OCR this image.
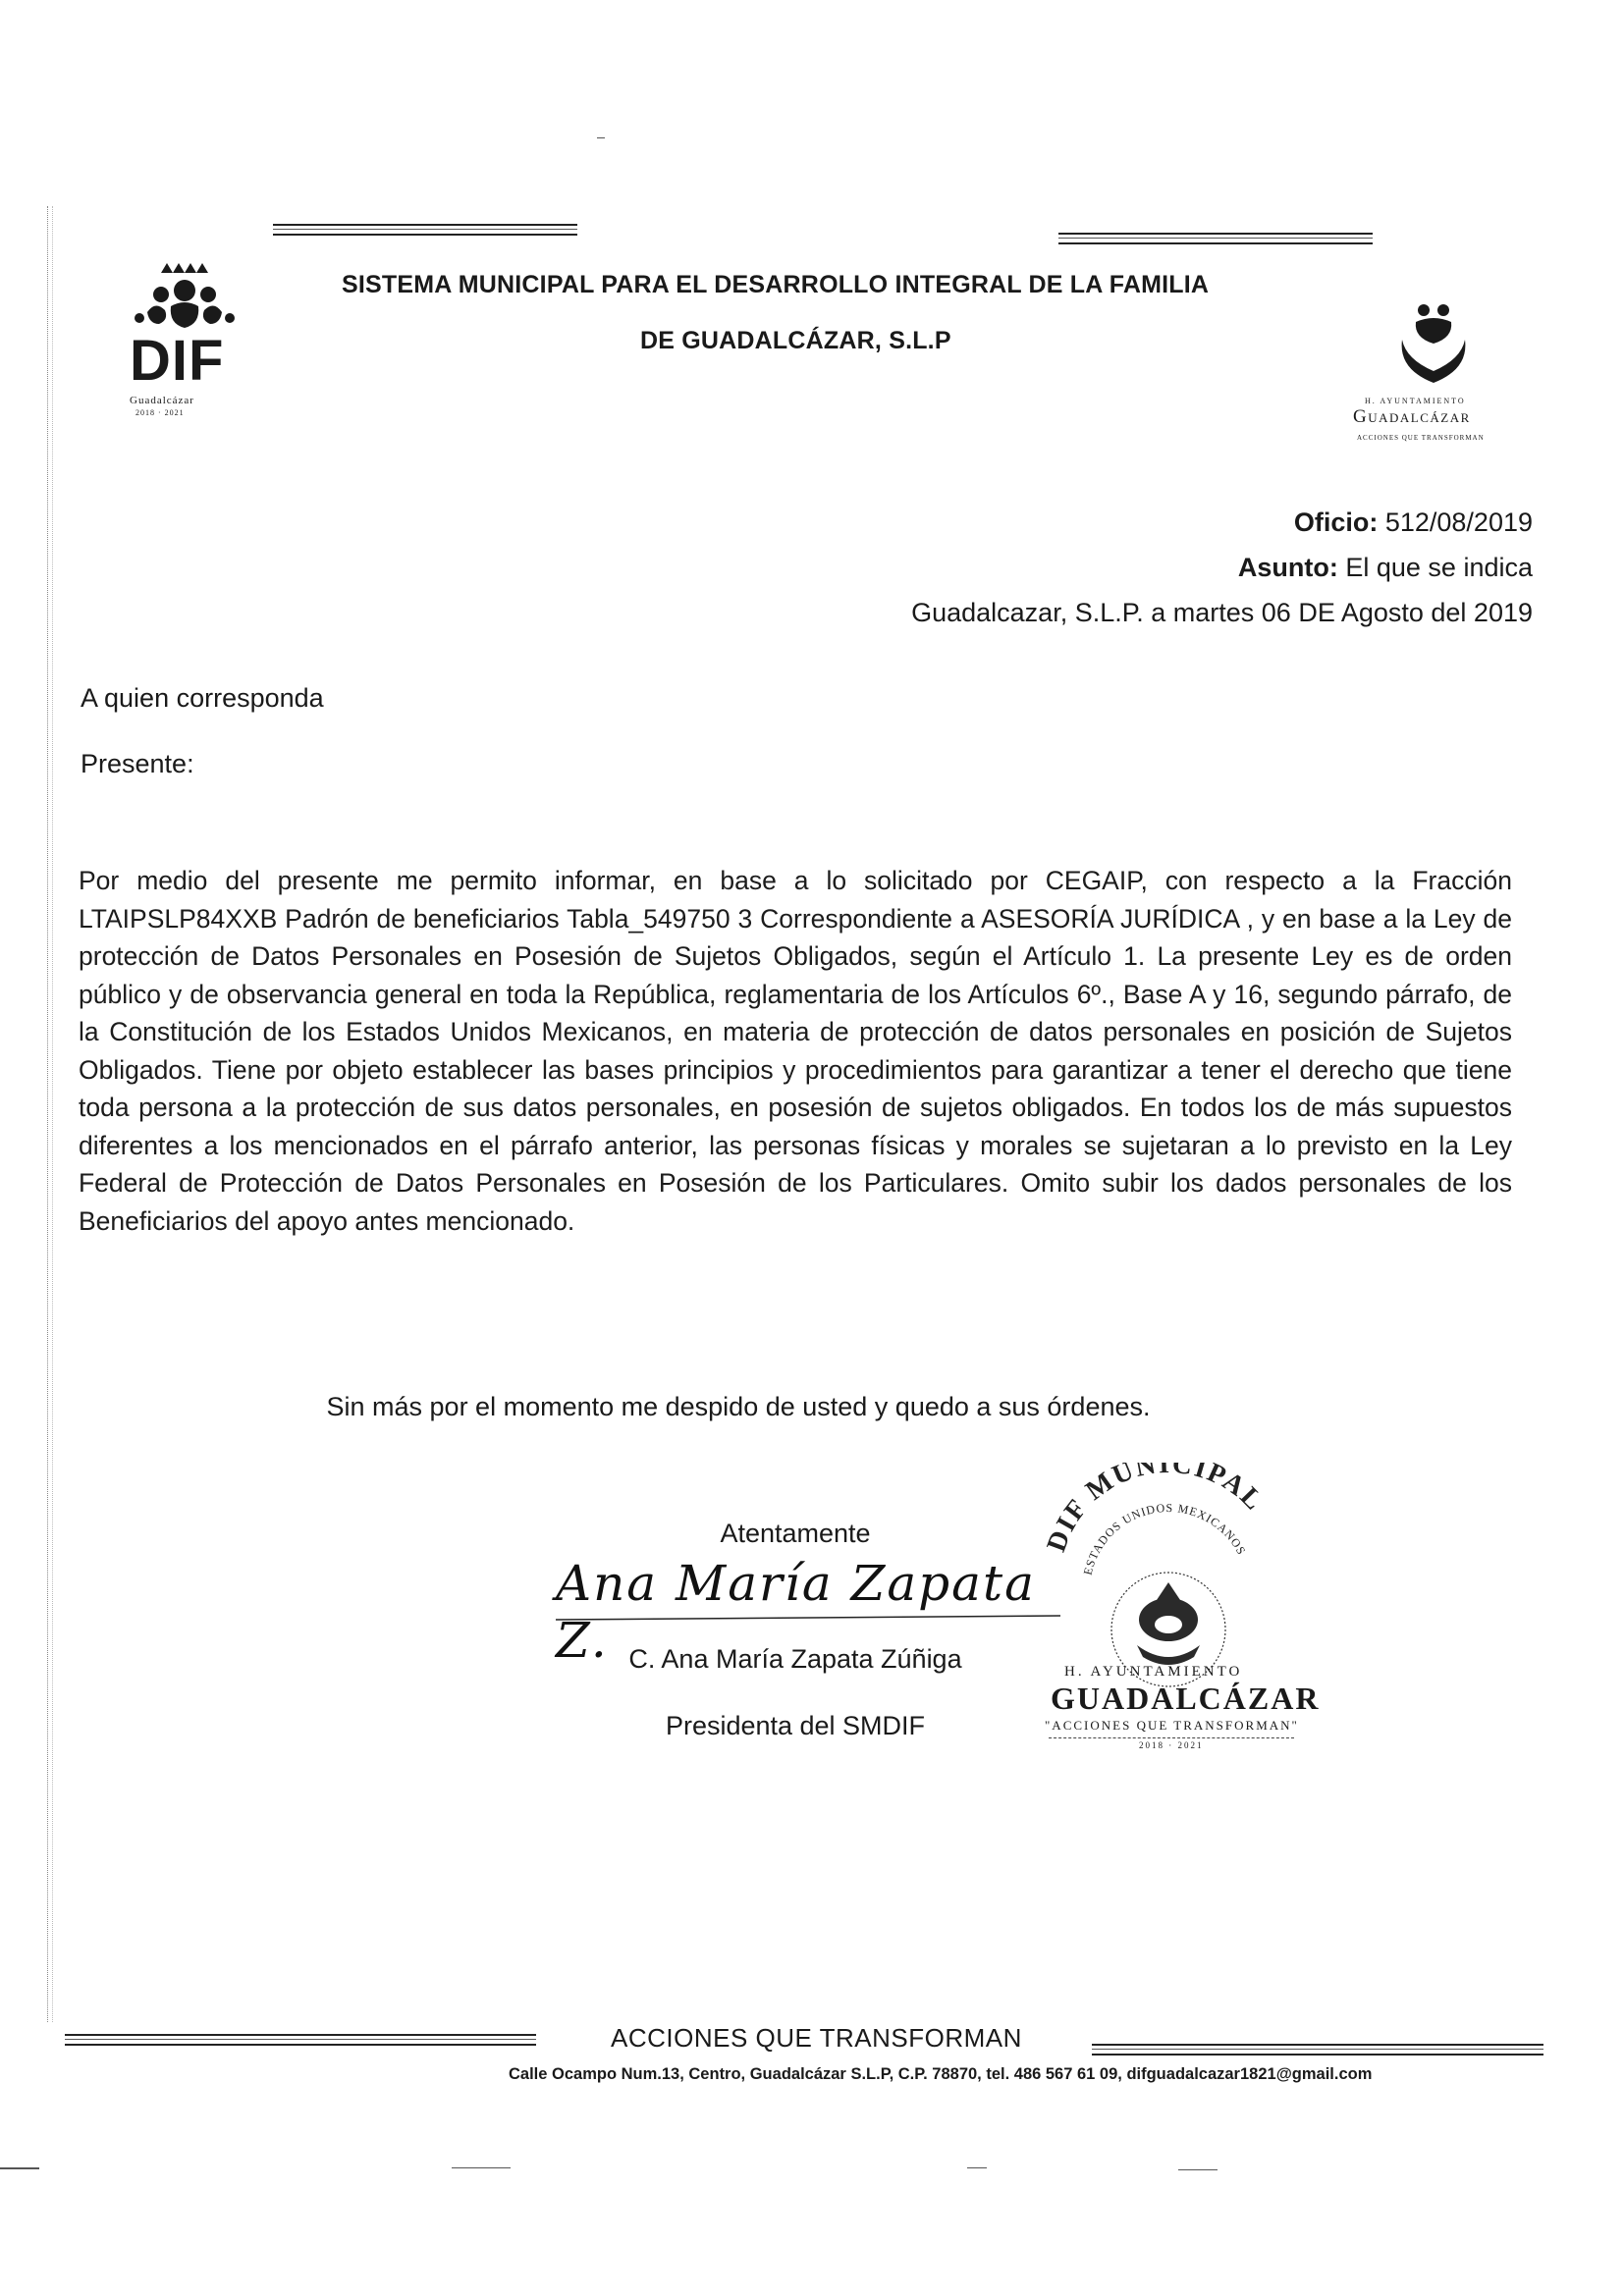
DIF
Guadalcázar
2018 · 2021
SISTEMA MUNICIPAL PARA EL DESARROLLO INTEGRAL DE LA FAMILIA
DE GUADALCÁZAR, S.L.P
H. AYUNTAMIENTO
Guadalcázar
ACCIONES QUE TRANSFORMAN
Oficio: 512/08/2019
Asunto: El que se indica
Guadalcazar, S.L.P. a martes 06 DE Agosto del 2019
A quien corresponda
Presente:
Por medio del presente me permito informar, en base a lo solicitado por CEGAIP, con respecto a la Fracción LTAIPSLP84XXB Padrón de beneficiarios Tabla_549750 3 Correspondiente a ASESORÍA JURÍDICA , y en base a la Ley de protección de Datos Personales en Posesión de Sujetos Obligados, según el Artículo 1. La presente Ley es de orden público y de observancia general en toda la República, reglamentaria de los Artículos 6º., Base A y 16, segundo párrafo, de la Constitución de los Estados Unidos Mexicanos, en materia de protección de datos personales en posición de Sujetos Obligados. Tiene por objeto establecer las bases principios y procedimientos para garantizar a tener el derecho que tiene toda persona a la protección de sus datos personales, en posesión de sujetos obligados. En todos los de más supuestos diferentes a los mencionados en el párrafo anterior, las personas físicas y morales se sujetaran a lo previsto en la Ley Federal de Protección de Datos Personales en Posesión de los Particulares. Omito subir los dados personales de los Beneficiarios del apoyo antes mencionado.
Sin más por el momento me despido de usted y quedo a sus órdenes.
Atentamente
Ana María Zapata Z. C. Ana María Zapata Zúñiga
Presidenta del SMDIF
DIF MUNICIPAL
ESTADOS UNIDOS MEXICANOS
H. AYUNTAMIENTO
GUADALCÁZAR
"ACCIONES QUE TRANSFORMAN"
2018 · 2021
ACCIONES QUE TRANSFORMAN
Calle Ocampo Num.13, Centro, Guadalcázar S.L.P, C.P. 78870, tel. 486 567 61 09, difguadalcazar1821@gmail.com
